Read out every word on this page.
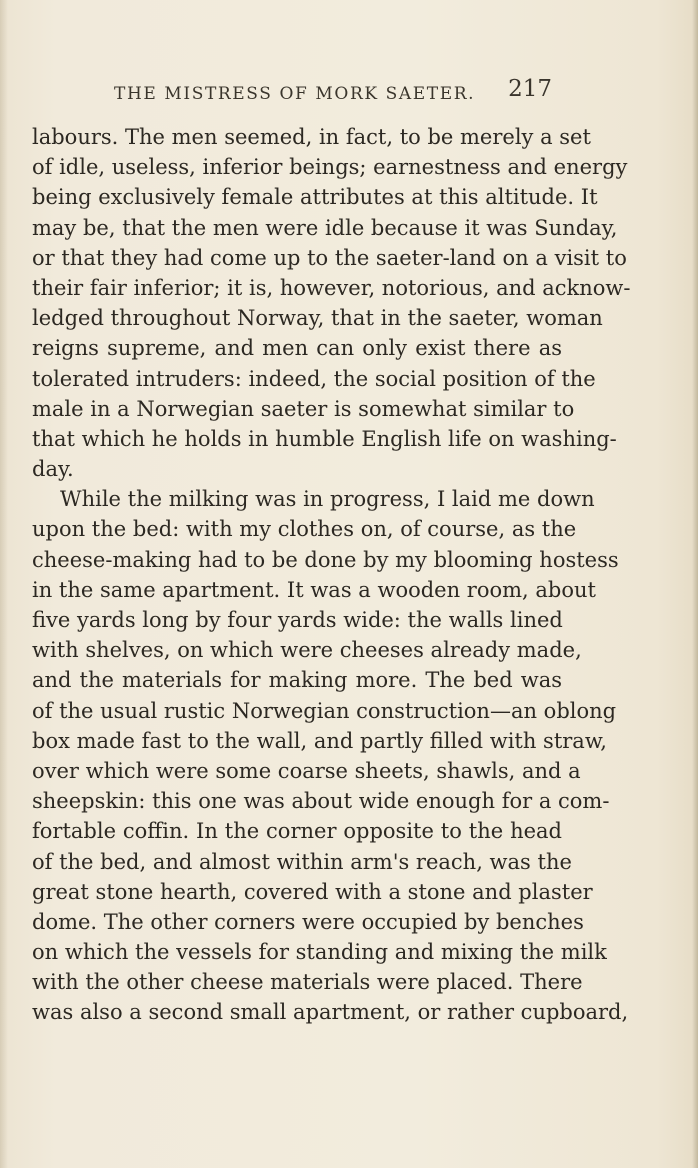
THE MISTRESS OF MORK SAETER. 217
labours. The men seemed, in fact, to be merely a set
of idle, useless, inferior beings; earnestness and energy
being exclusively female attributes at this altitude. It
may be, that the men were idle because it was Sunday,
or that they had come up to the saeter-land on a visit to
their fair inferior; it is, however, notorious, and acknow-
ledged throughout Norway, that in the saeter, woman
reigns supreme, and men can only exist there as
tolerated intruders: indeed, the social position of the
male in a Norwegian saeter is somewhat similar to
that which he holds in humble English life on washing-
day.
While the milking was in progress, I laid me down
upon the bed: with my clothes on, of course, as the
cheese-making had to be done by my blooming hostess
in the same apartment. It was a wooden room, about
five yards long by four yards wide: the walls lined
with shelves, on which were cheeses already made,
and the materials for making more. The bed was
of the usual rustic Norwegian construction—an oblong
box made fast to the wall, and partly filled with straw,
over which were some coarse sheets, shawls, and a
sheepskin: this one was about wide enough for a com-
fortable coffin. In the corner opposite to the head
of the bed, and almost within arm's reach, was the
great stone hearth, covered with a stone and plaster
dome. The other corners were occupied by benches
on which the vessels for standing and mixing the milk
with the other cheese materials were placed. There
was also a second small apartment, or rather cupboard,
